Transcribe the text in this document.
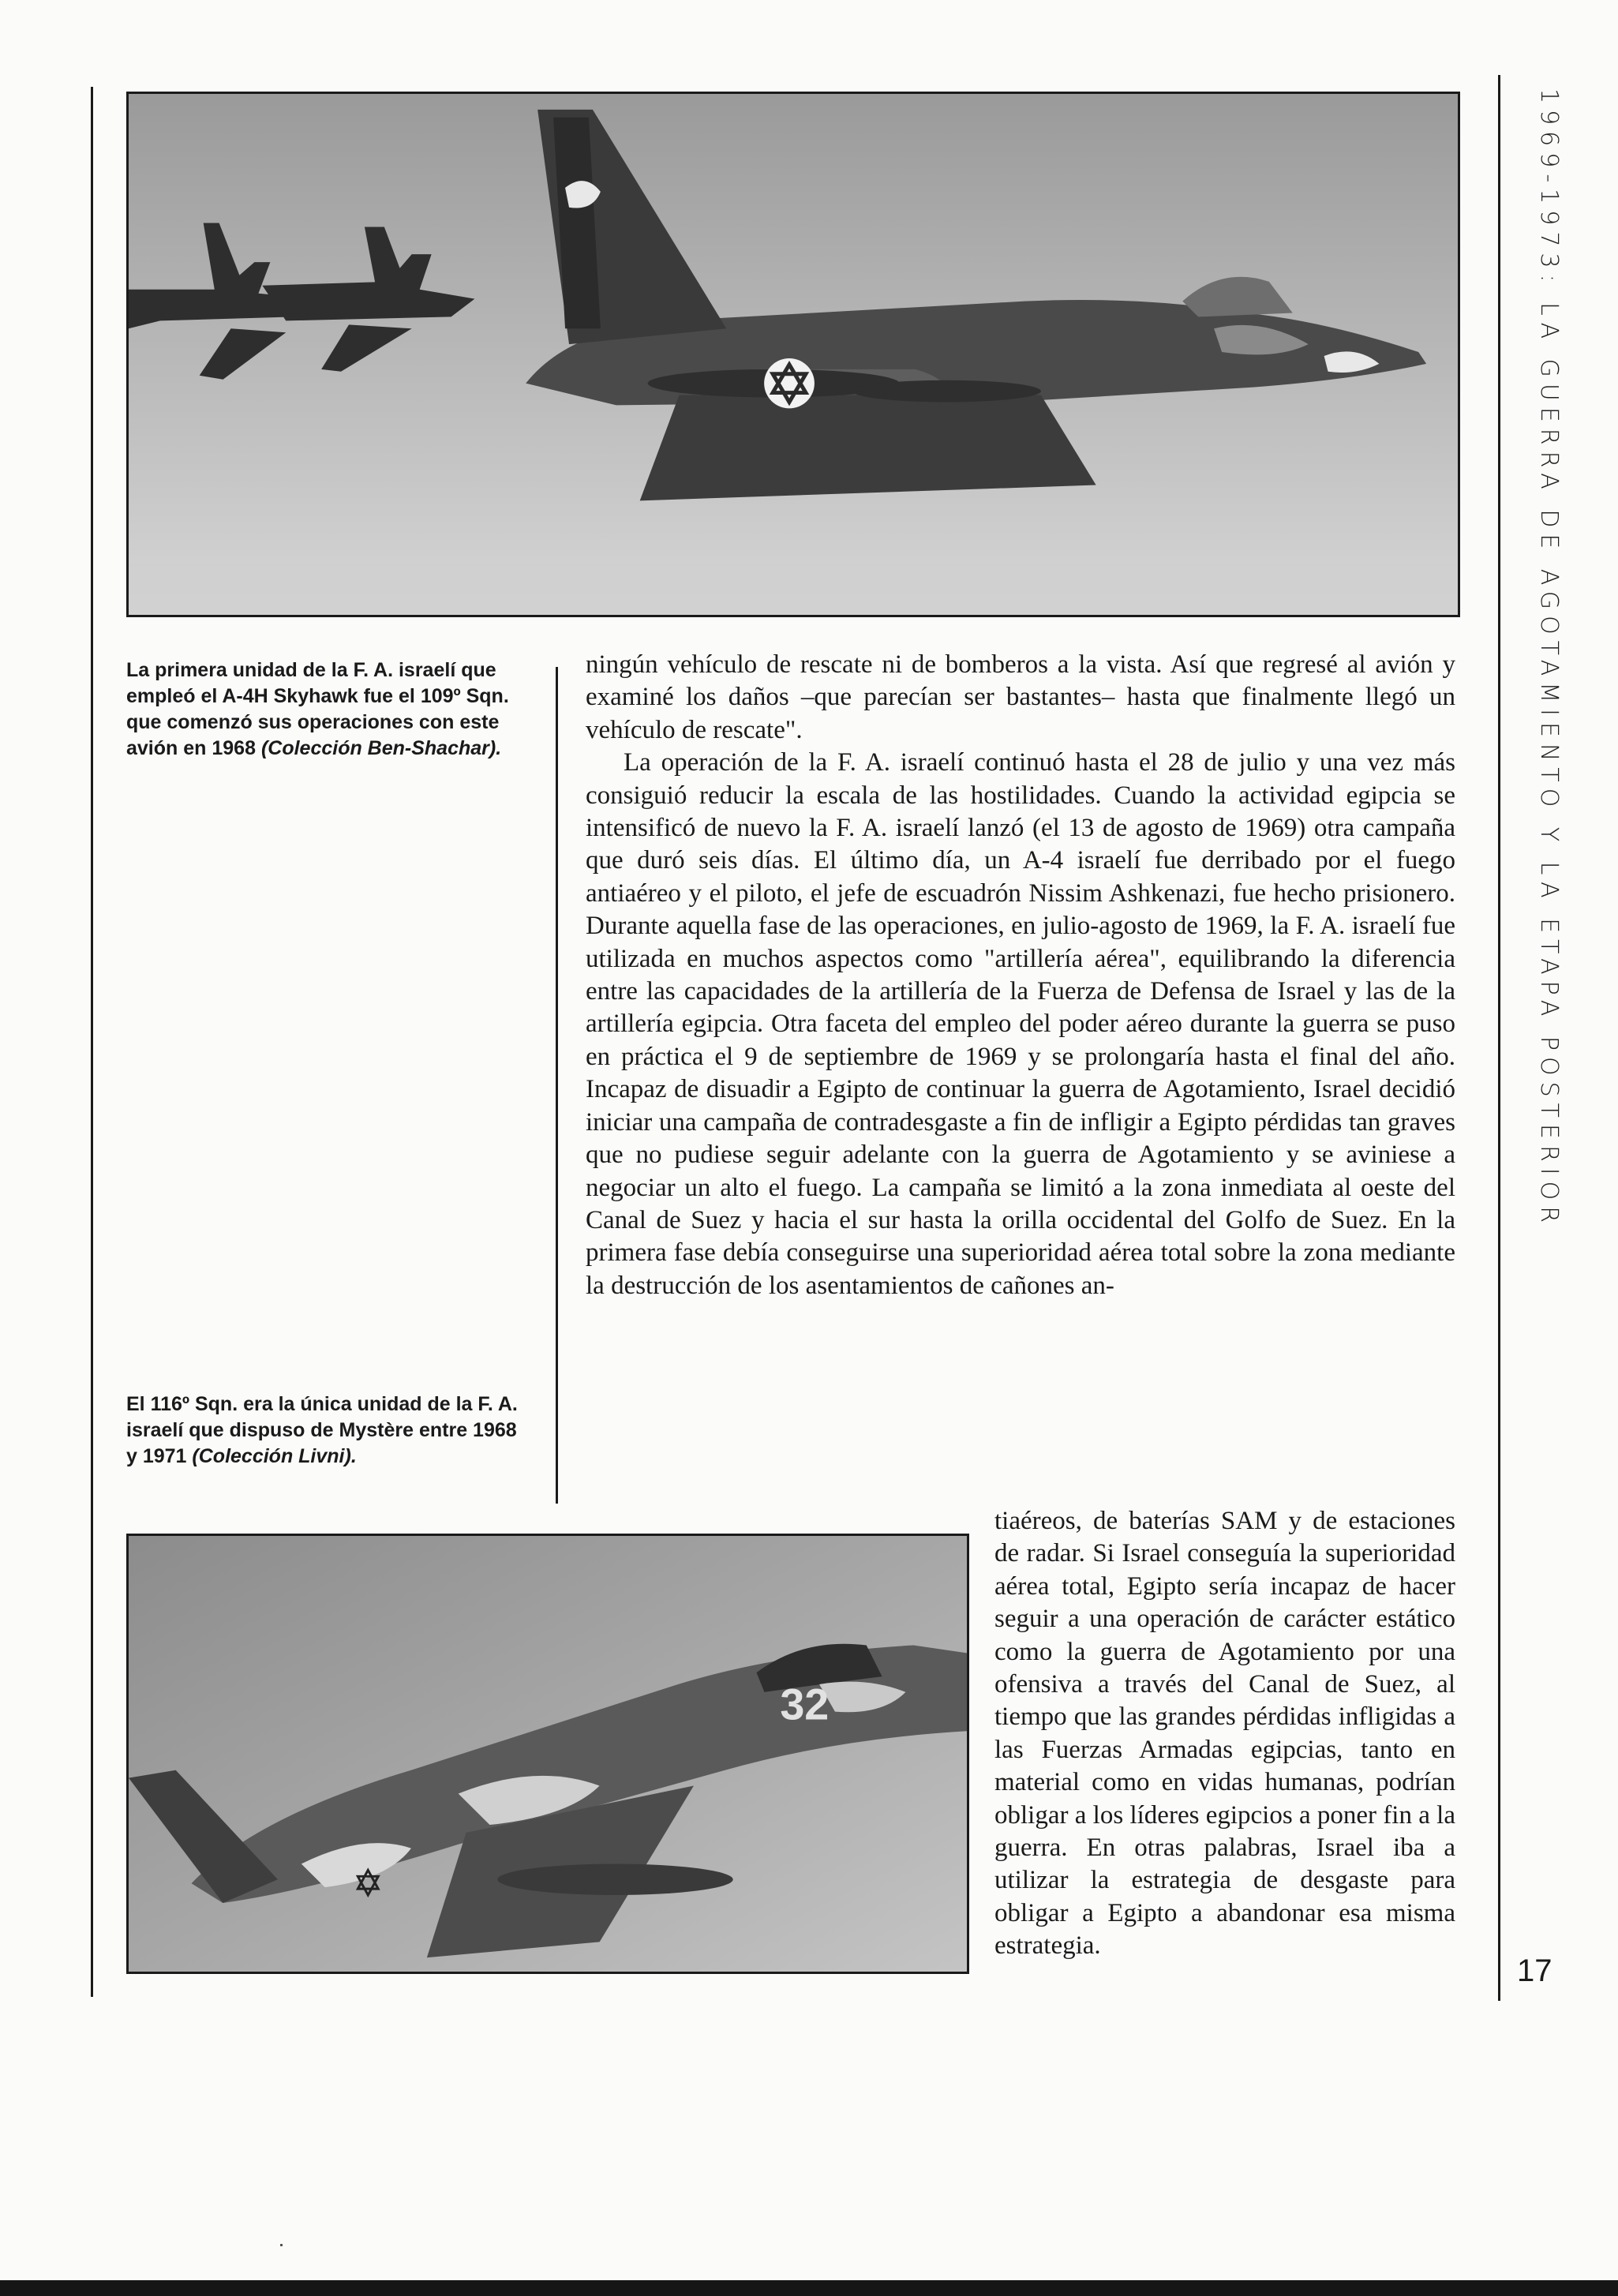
La primera unidad de la F. A. israelí que empleó el A-4H Skyhawk fue el 109º Sqn. que comenzó sus operaciones con este avión en 1968 (Colección Ben-Shachar).
El 116º Sqn. era la única unidad de la F. A. israelí que dispuso de Mystère entre 1968 y 1971 (Colección Livni).
32

ningún vehículo de rescate ni de bomberos a la vista. Así que regresé al avión y examiné los daños –que parecían ser bastantes– hasta que finalmente llegó un vehículo de rescate".

La operación de la F. A. israelí continuó hasta el 28 de julio y una vez más consiguió reducir la escala de las hostilidades. Cuando la actividad egipcia se intensificó de nuevo la F. A. israelí lanzó (el 13 de agosto de 1969) otra campaña que duró seis días. El último día, un A-4 israelí fue derribado por el fuego antiaéreo y el piloto, el jefe de escuadrón Nissim Ashkenazi, fue hecho prisionero. Durante aquella fase de las operaciones, en julio-agosto de 1969, la F. A. israelí fue utilizada en muchos aspectos como "artillería aérea", equilibrando la diferencia entre las capacidades de la artillería de la Fuerza de Defensa de Israel y las de la artillería egipcia. Otra faceta del empleo del poder aéreo durante la guerra se puso en práctica el 9 de septiembre de 1969 y se prolongaría hasta el final del año. Incapaz de disuadir a Egipto de continuar la guerra de Agotamiento, Israel decidió iniciar una campaña de contradesgaste a fin de infligir a Egipto pérdidas tan graves que no pudiese seguir adelante con la guerra de Agotamiento y se aviniese a negociar un alto el fuego. La campaña se limitó a la zona inmediata al oeste del Canal de Suez y hacia el sur hasta la orilla occidental del Golfo de Suez. En la primera fase debía conseguirse una superioridad aérea total sobre la zona mediante la destrucción de los asentamientos de cañones an-

tiaéreos, de baterías SAM y de estaciones de radar. Si Israel conseguía la superioridad aérea total, Egipto sería incapaz de hacer seguir a una operación de carácter estático como la guerra de Agotamiento por una ofensiva a través del Canal de Suez, al tiempo que las grandes pérdidas infligidas a las Fuerzas Armadas egipcias, tanto en material como en vidas humanas, podrían obligar a los líderes egipcios a poner fin a la guerra. En otras palabras, Israel iba a utilizar la estrategia de desgaste para obligar a Egipto a abandonar esa misma estrategia.

1969-1973: LA GUERRA DE AGOTAMIENTO Y LA ETAPA POSTERIOR
17
